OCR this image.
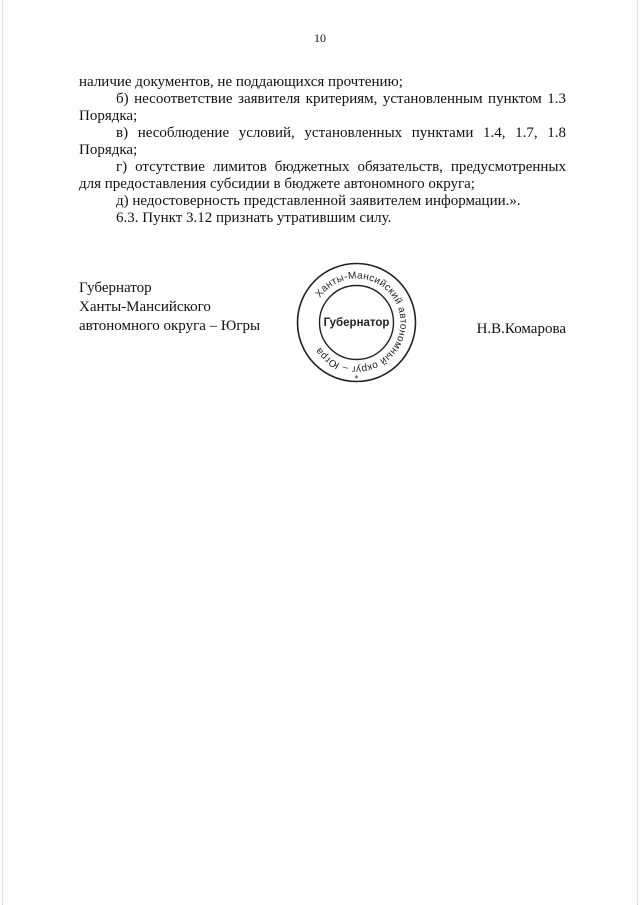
10

наличие документов, не поддающихся прочтению;

б) несоответствие заявителя критериям, установленным пунктом 1.3 Порядка;

в) несоблюдение условий, установленных пунктами 1.4, 1.7, 1.8 Порядка;

г) отсутствие лимитов бюджетных обязательств, предусмотренных для предоставления субсидии в бюджете автономного округа;

д) недостоверность представленной заявителем информации.».

6.3. Пункт 3.12 признать утратившим силу.

Губернатор
Ханты-Мансийского
автономного округа – Югры
Ханты-Мансийский автономный округ – Югра
Губернатор
*
Н.В.Комарова
